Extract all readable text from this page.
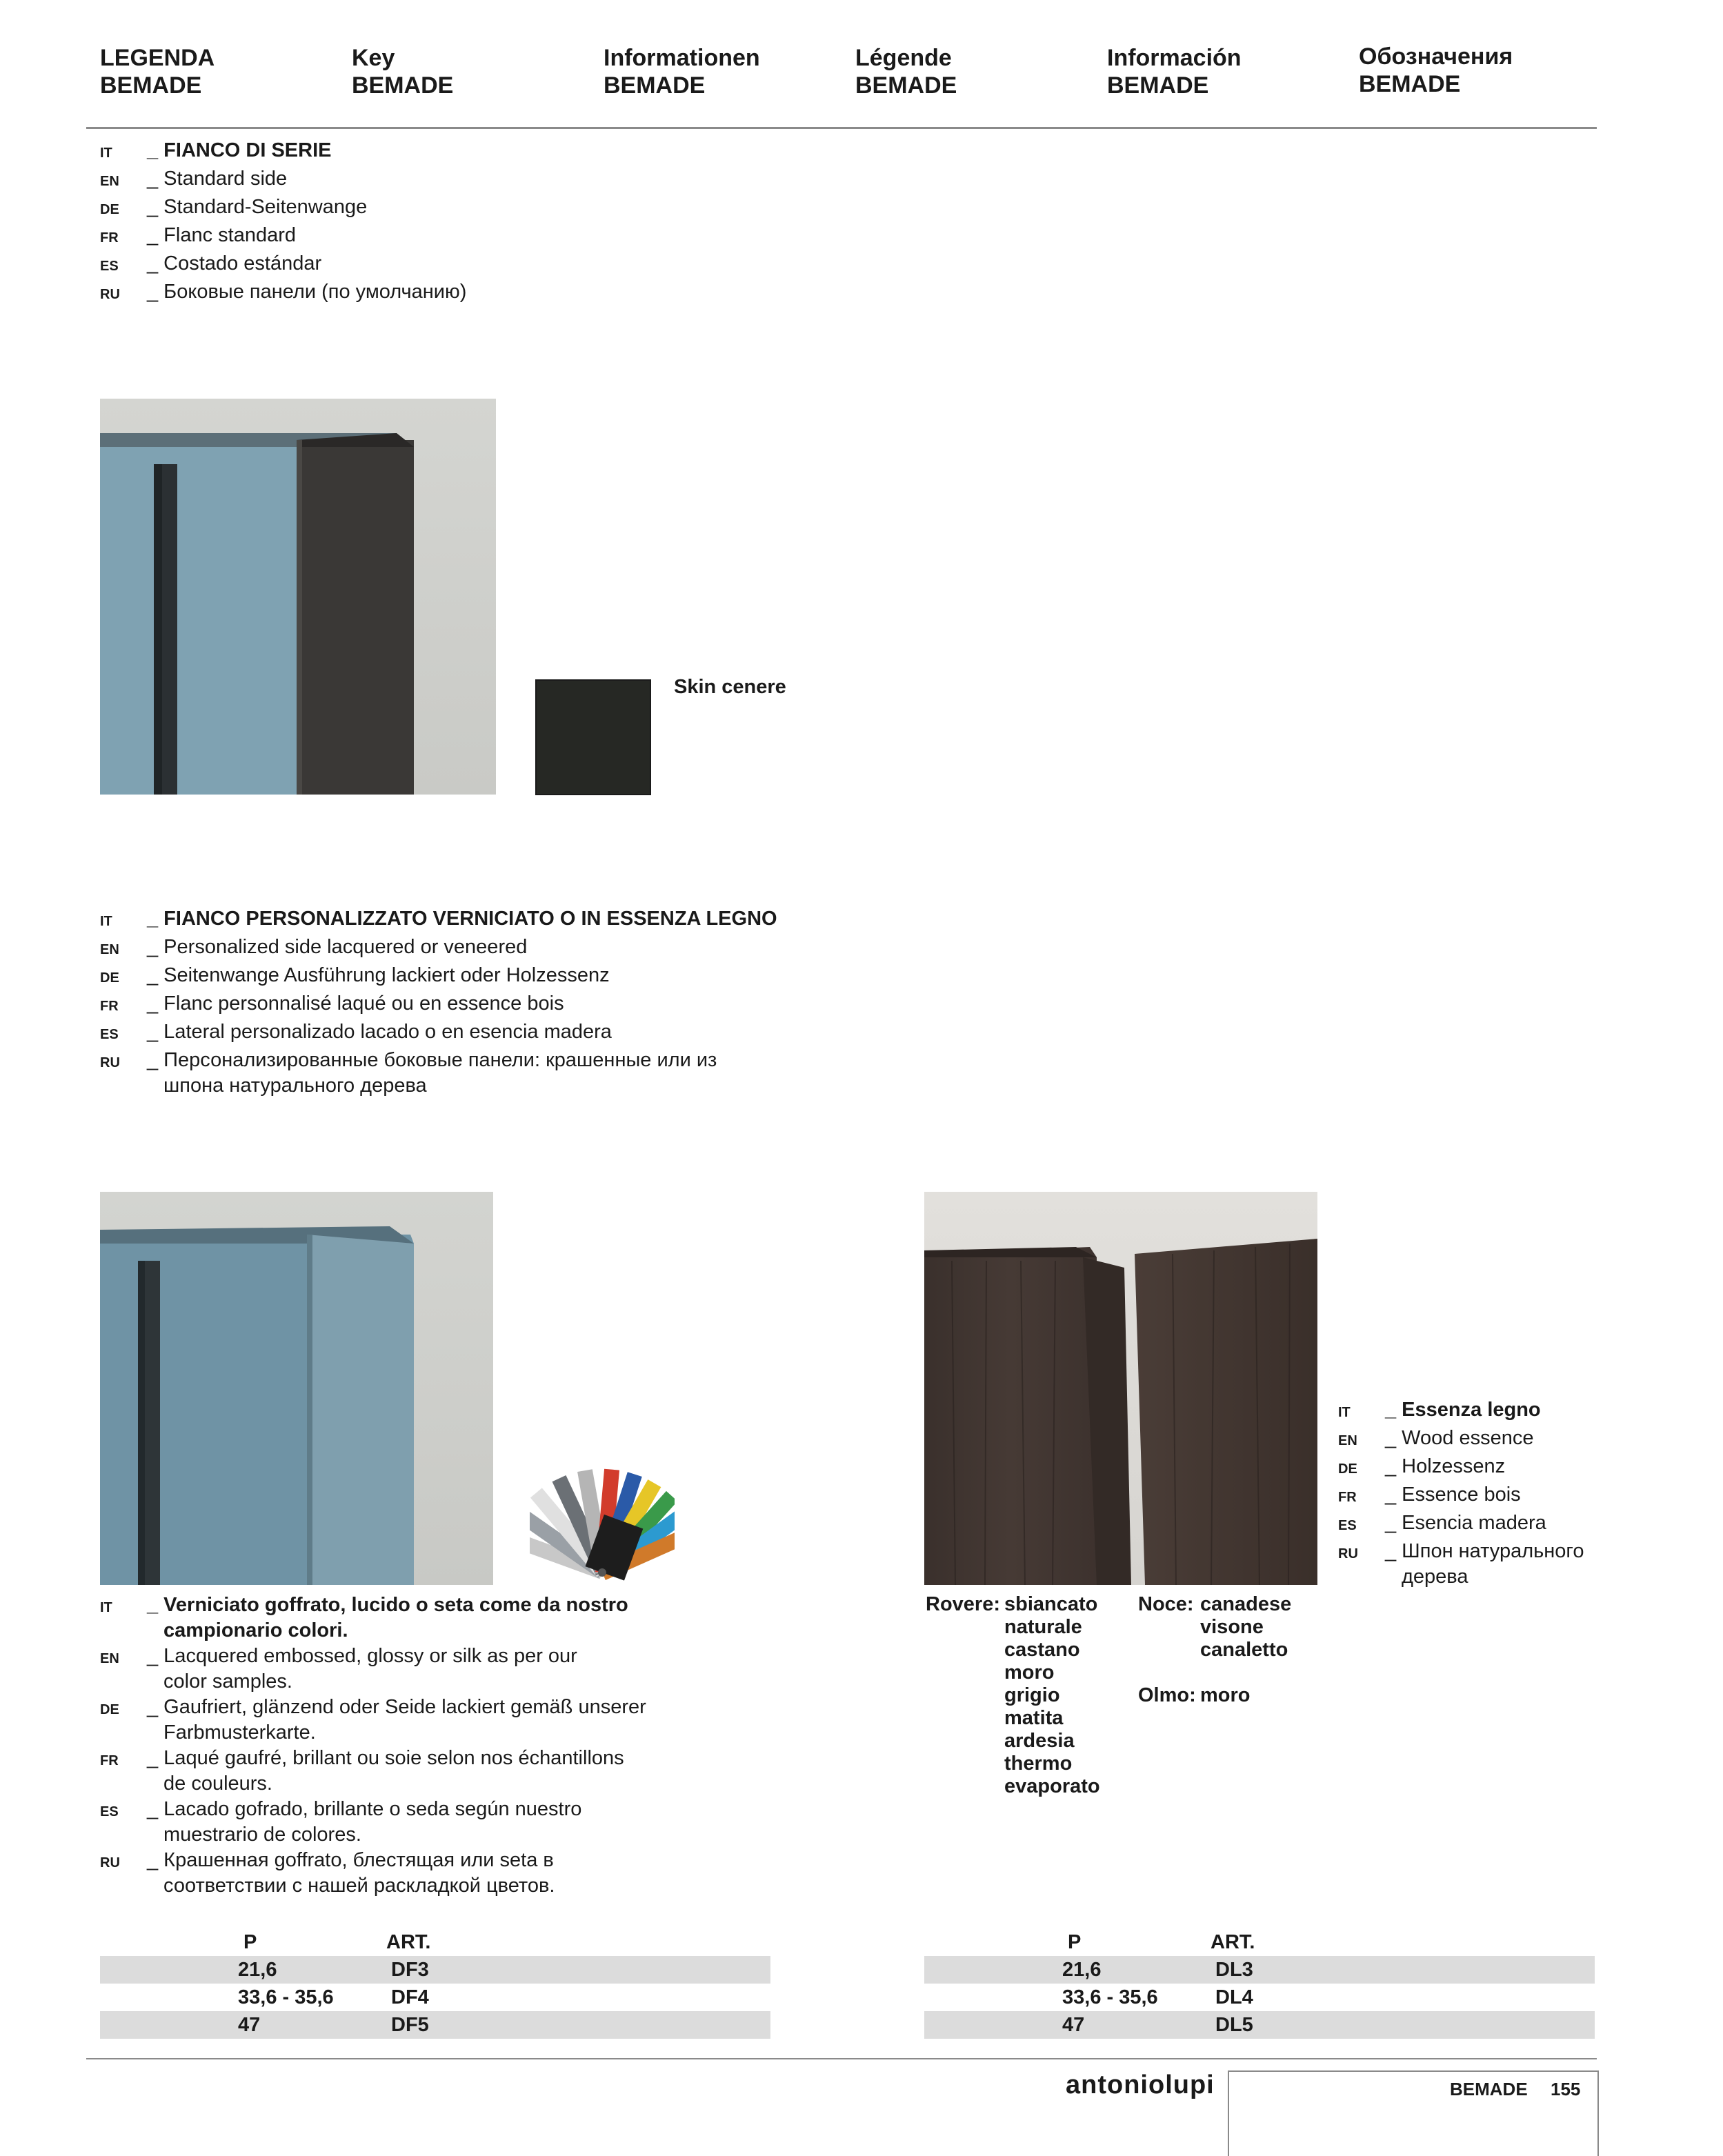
LEGENDA
BEMADE
Key
BEMADE
Informationen
BEMADE
Légende
BEMADE
Información
BEMADE
Обозначения
BEMADE
IT	_ FIANCO DI SERIE
EN	_ Standard side
DE	_ Standard-Seitenwange
FR	_ Flanc standard
ES	_ Costado estándar
RU	_ Боковые панели (по умолчанию)
Skin cenere
IT	_ FIANCO PERSONALIZZATO VERNICIATO O IN ESSENZA LEGNO
EN	_ Personalized side lacquered or veneered
DE	_ Seitenwange Ausführung lackiert oder Holzessenz
FR	_ Flanc personnalisé laqué ou en essence bois
ES	_ Lateral personalizado lacado o en esencia madera
RU	_ Персонализированные боковые панели: крашенные или из
шпона натурального дерева
IT	_ Verniciato goffrato, lucido o seta come da nostro
campionario colori.
EN	_ Lacquered embossed, glossy or silk as per our
color samples.
DE	_ Gaufriert, glänzend oder Seide lackiert gemäß unserer
Farbmusterkarte.
FR	_ Laqué gaufré, brillant ou soie selon nos échantillons
de couleurs.
ES	_ Lacado gofrado, brillante o seda según nuestro
muestrario de colores.
RU	_ Крашенная goffrato, блестящая или seta в
соответствии с нашей раскладкой цветов.
P	ART.
21,6	DF3
33,6 - 35,6	DF4
47	DF5
IT	_ Essenza legno
EN	_ Wood essence
DE	_ Holzessenz
FR	_ Essence bois
ES	_ Esencia madera
RU	_ Шпон натурального
дерева
Rovere: sbiancato
naturale
castano
moro
grigio
matita
ardesia
thermo
evaporato
Noce: canadese
visone
canaletto
Olmo: moro
P	ART.
21,6	DL3
33,6 - 35,6	DL4
47	DL5
antoniolupi	BEMADE 155
